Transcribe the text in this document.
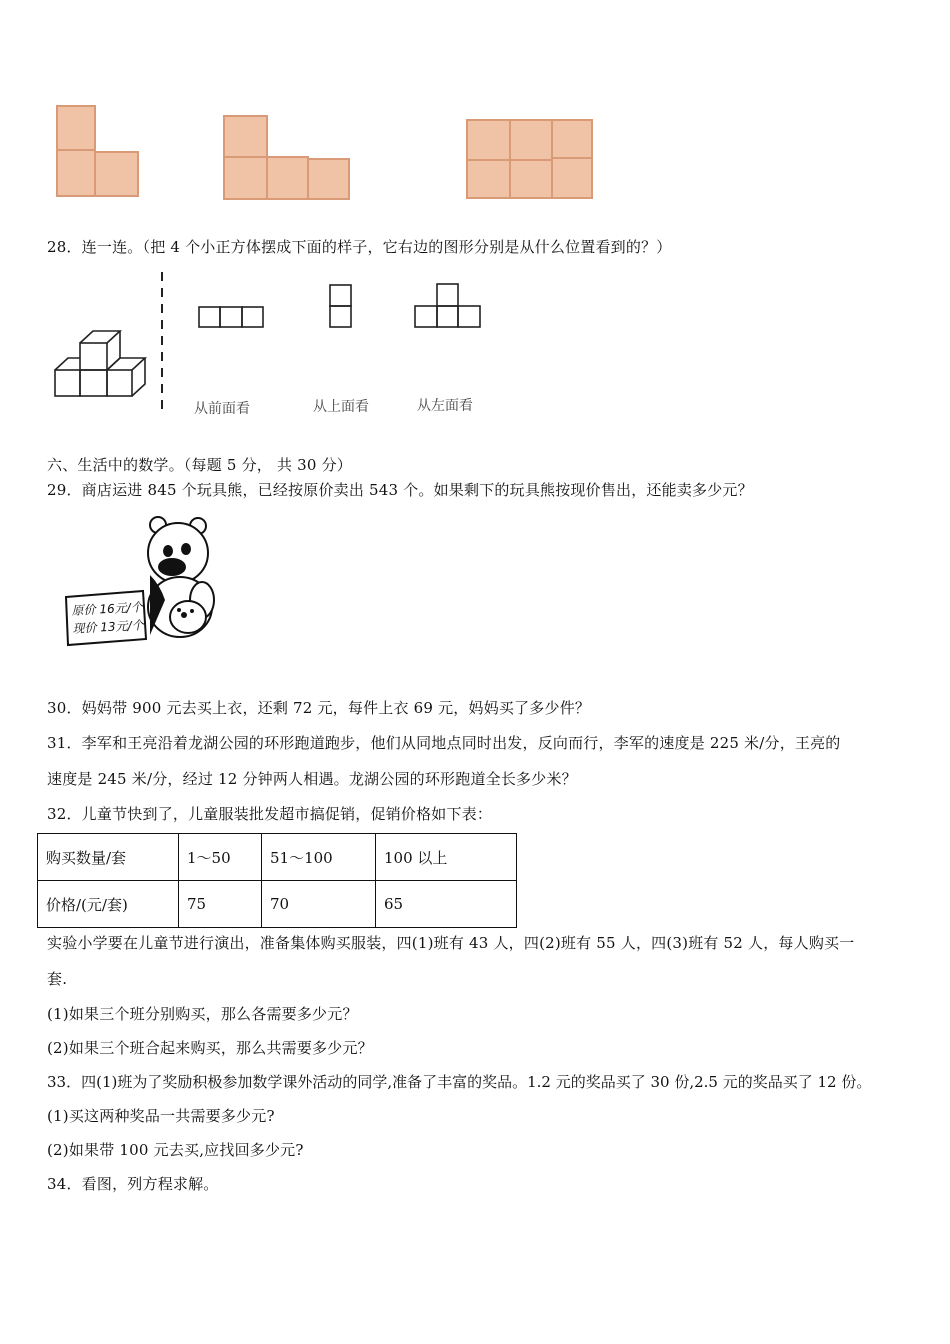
28．连一连。（把 4 个小正方体摆成下面的样子，它右边的图形分别是从什么位置看到的？）
从前面看	从上面看	从左面看
六、生活中的数学。（每题 5 分， 共 30 分）
29．商店运进 845 个玩具熊，已经按原价卖出 543 个。如果剩下的玩具熊按现价售出，还能卖多少元？
原价 16元/个
现价 13元/个
30．妈妈带 900 元去买上衣，还剩 72 元，每件上衣 69 元，妈妈买了多少件？
31．李军和王亮沿着龙湖公园的环形跑道跑步，他们从同地点同时出发，反向而行，李军的速度是 225 米/分，王亮的
速度是 245 米/分，经过 12 分钟两人相遇。龙湖公园的环形跑道全长多少米？
32．儿童节快到了，儿童服装批发超市搞促销，促销价格如下表：
购买数量/套	1～50	51～100	100 以上
价格/(元/套)	75	70	65
实验小学要在儿童节进行演出，准备集体购买服装，四(1)班有 43 人，四(2)班有 55 人，四(3)班有 52 人，每人购买一
套.
(1)如果三个班分别购买，那么各需要多少元？
(2)如果三个班合起来购买，那么共需要多少元？
33．四(1)班为了奖励积极参加数学课外活动的同学,准备了丰富的奖品。1.2 元的奖品买了 30 份,2.5 元的奖品买了 12 份。
(1)买这两种奖品一共需要多少元?
(2)如果带 100 元去买,应找回多少元?
34．看图，列方程求解。
